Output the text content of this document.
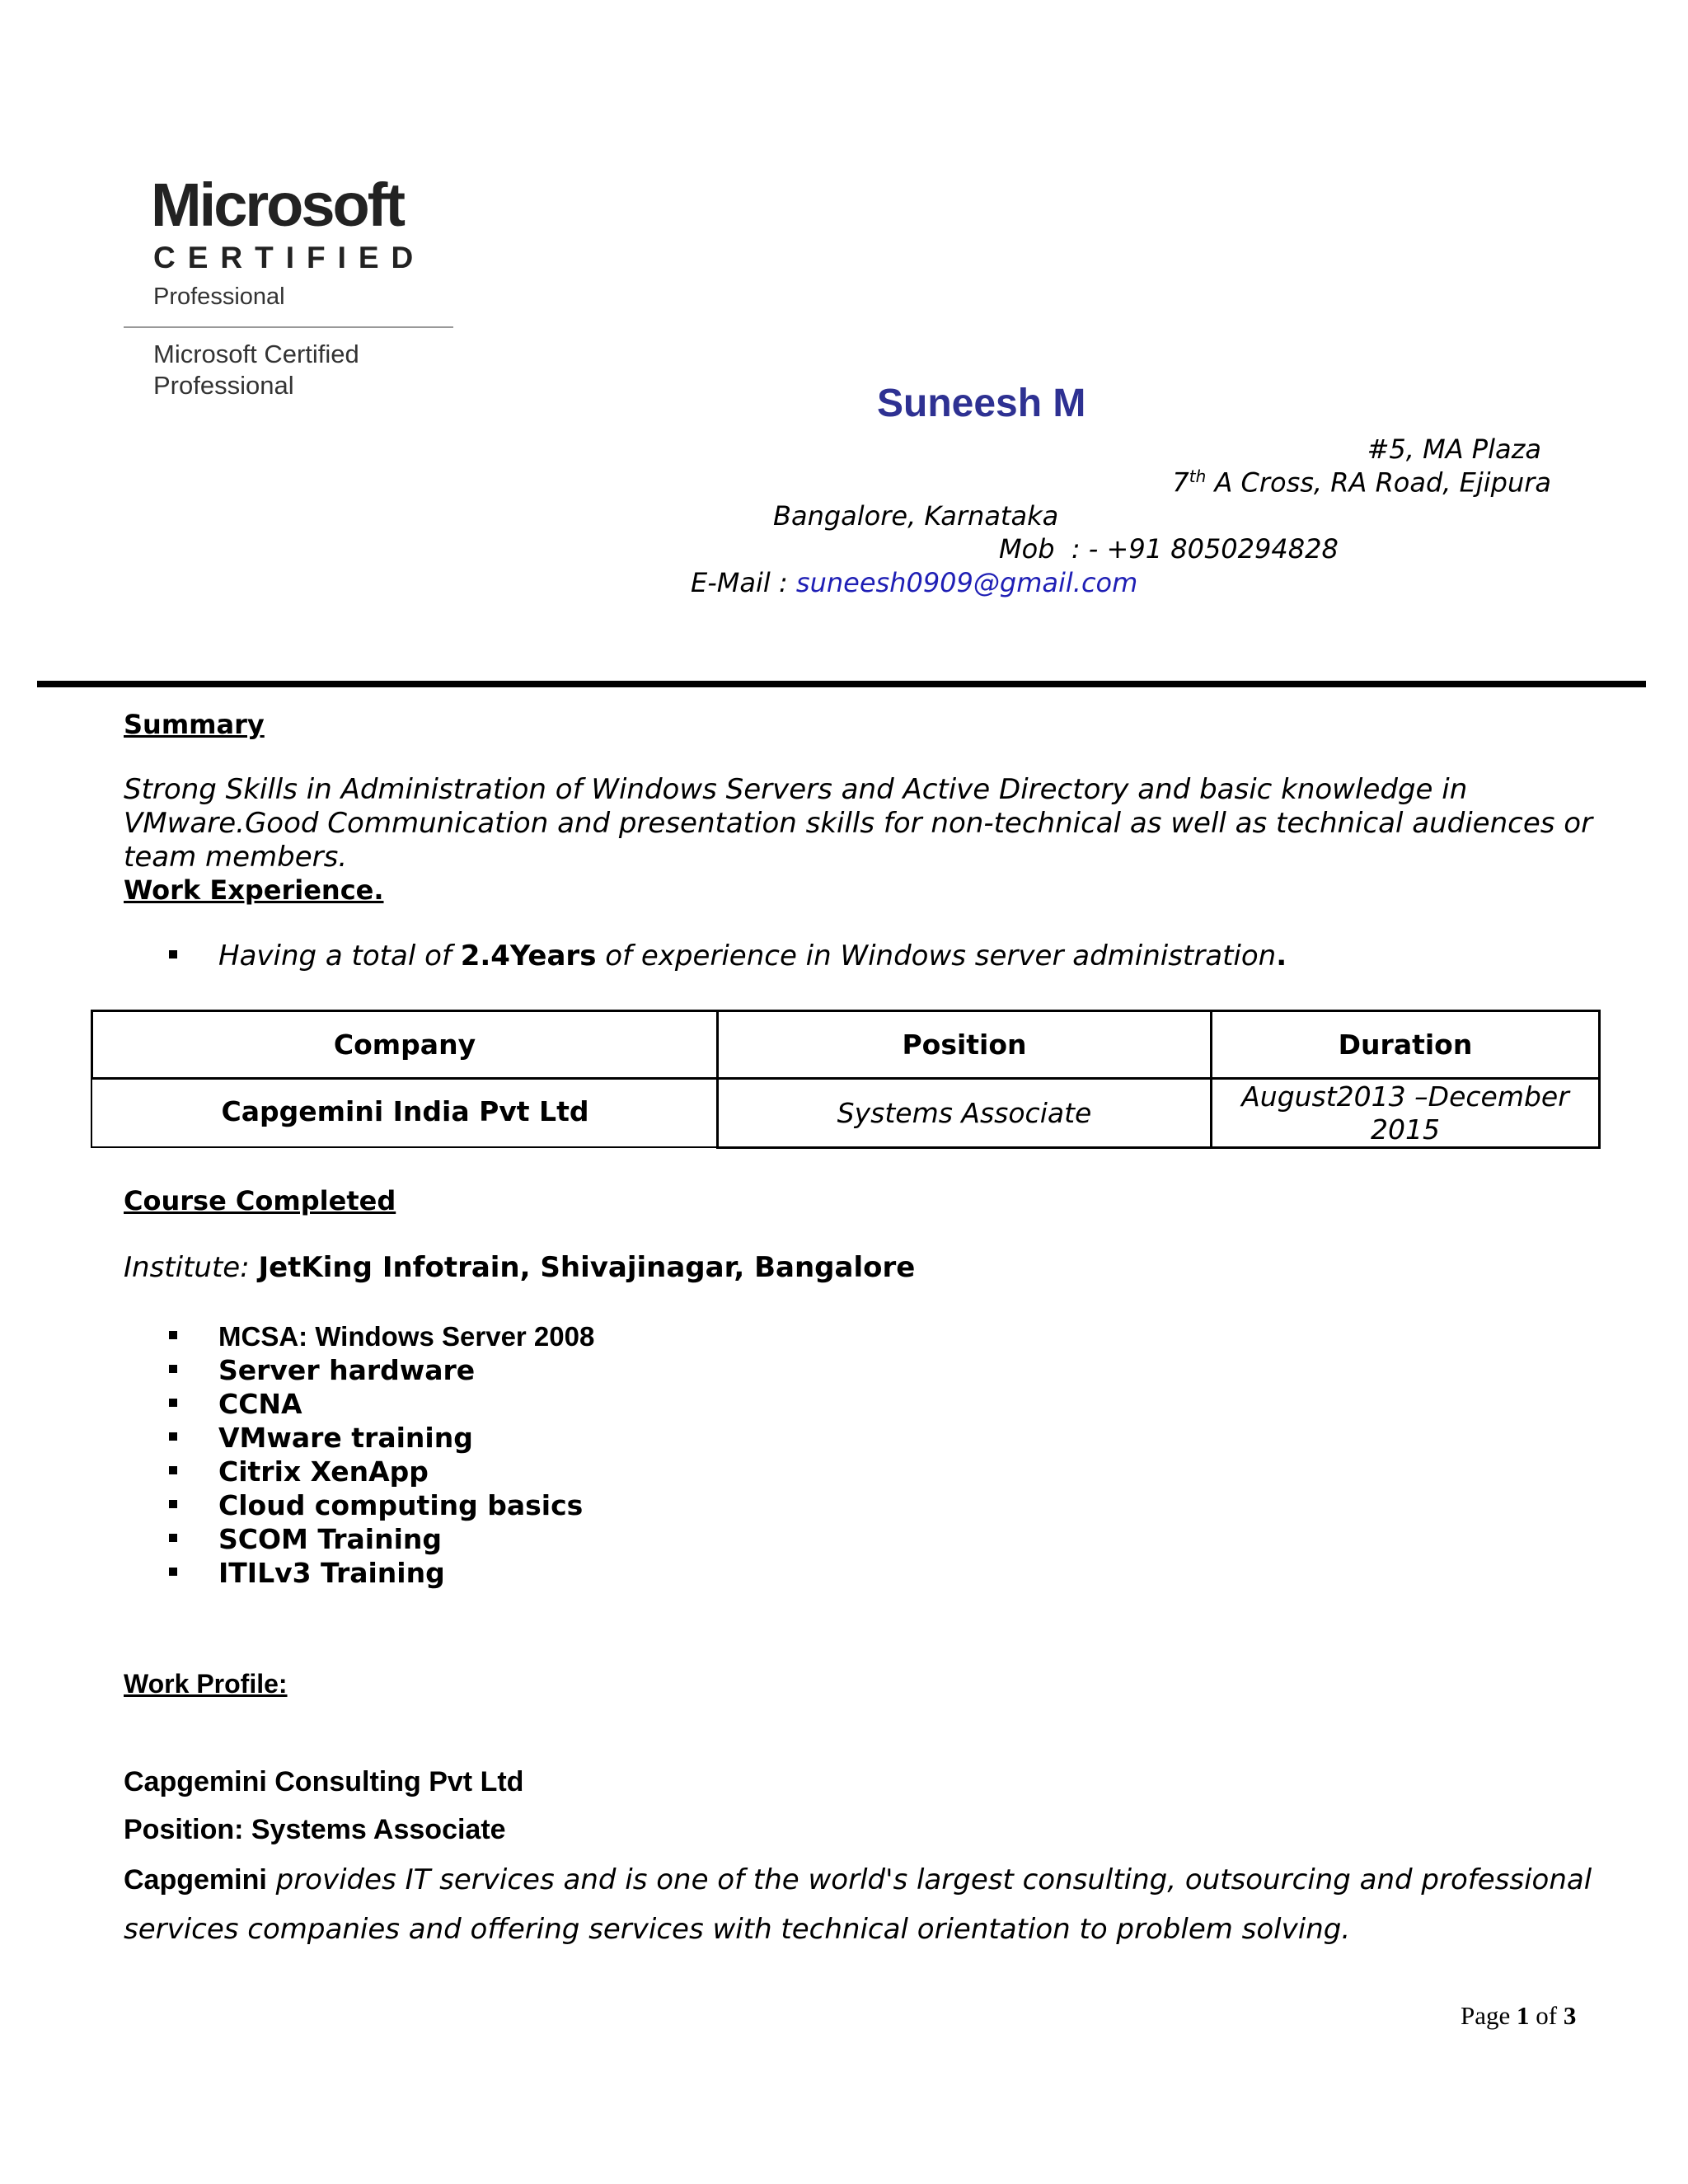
Microsoft
CERTIFIED
Professional
Microsoft Certified
Professional	Suneesh M
#5, MA Plaza
7th A Cross, RA Road, Ejipura
Bangalore, Karnataka
Mob  : - +91 8050294828
E-Mail : suneesh0909@gmail.com
Summary
Strong Skills in Administration of Windows Servers and Active Directory and basic knowledge in VMware.Good Communication and presentation skills for non-technical as well as technical audiences or team members.
Work Experience.
Having a total of 2.4Years of experience in Windows server administration.
Company	Position	Duration
Capgemini India Pvt Ltd	Systems Associate
August2013 –December
2015
Course Completed
Institute: JetKing Infotrain, Shivajinagar, Bangalore
MCSA: Windows Server 2008
Server hardware
CCNA
VMware training
Citrix XenApp
Cloud computing basics
SCOM Training
ITILv3 Training
Work Profile:
Capgemini Consulting Pvt Ltd
Position: Systems Associate
Capgemini provides IT services and is one of the world's largest consulting, outsourcing and professional services companies and offering services with technical orientation to problem solving.
Page 1 of 3
